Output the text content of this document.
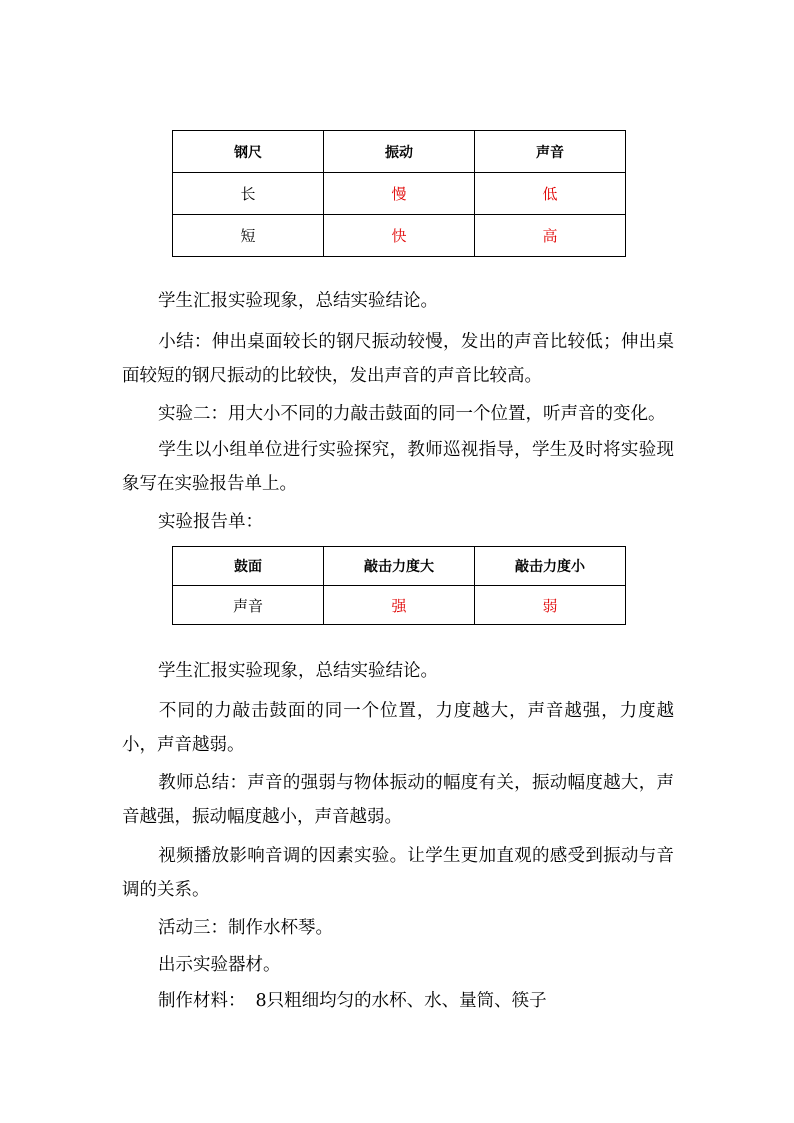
钢尺	振动	声音
长	慢	低
短	快	高

学生汇报实验现象，总结实验结论。

小结：伸出桌面较长的钢尺振动较慢，发出的声音比较低；伸出桌面较短的钢尺振动的比较快，发出声音的声音比较高。

实验二：用大小不同的力敲击鼓面的同一个位置，听声音的变化。

学生以小组单位进行实验探究，教师巡视指导，学生及时将实验现象写在实验报告单上。

实验报告单：

鼓面	敲击力度大	敲击力度小
声音	强	弱

学生汇报实验现象，总结实验结论。

不同的力敲击鼓面的同一个位置，力度越大，声音越强，力度越小，声音越弱。

教师总结：声音的强弱与物体振动的幅度有关，振动幅度越大，声音越强，振动幅度越小，声音越弱。

视频播放影响音调的因素实验。让学生更加直观的感受到振动与音调的关系。

活动三：制作水杯琴。

出示实验器材。

制作材料： 8只粗细均匀的水杯、水、量筒、筷子
